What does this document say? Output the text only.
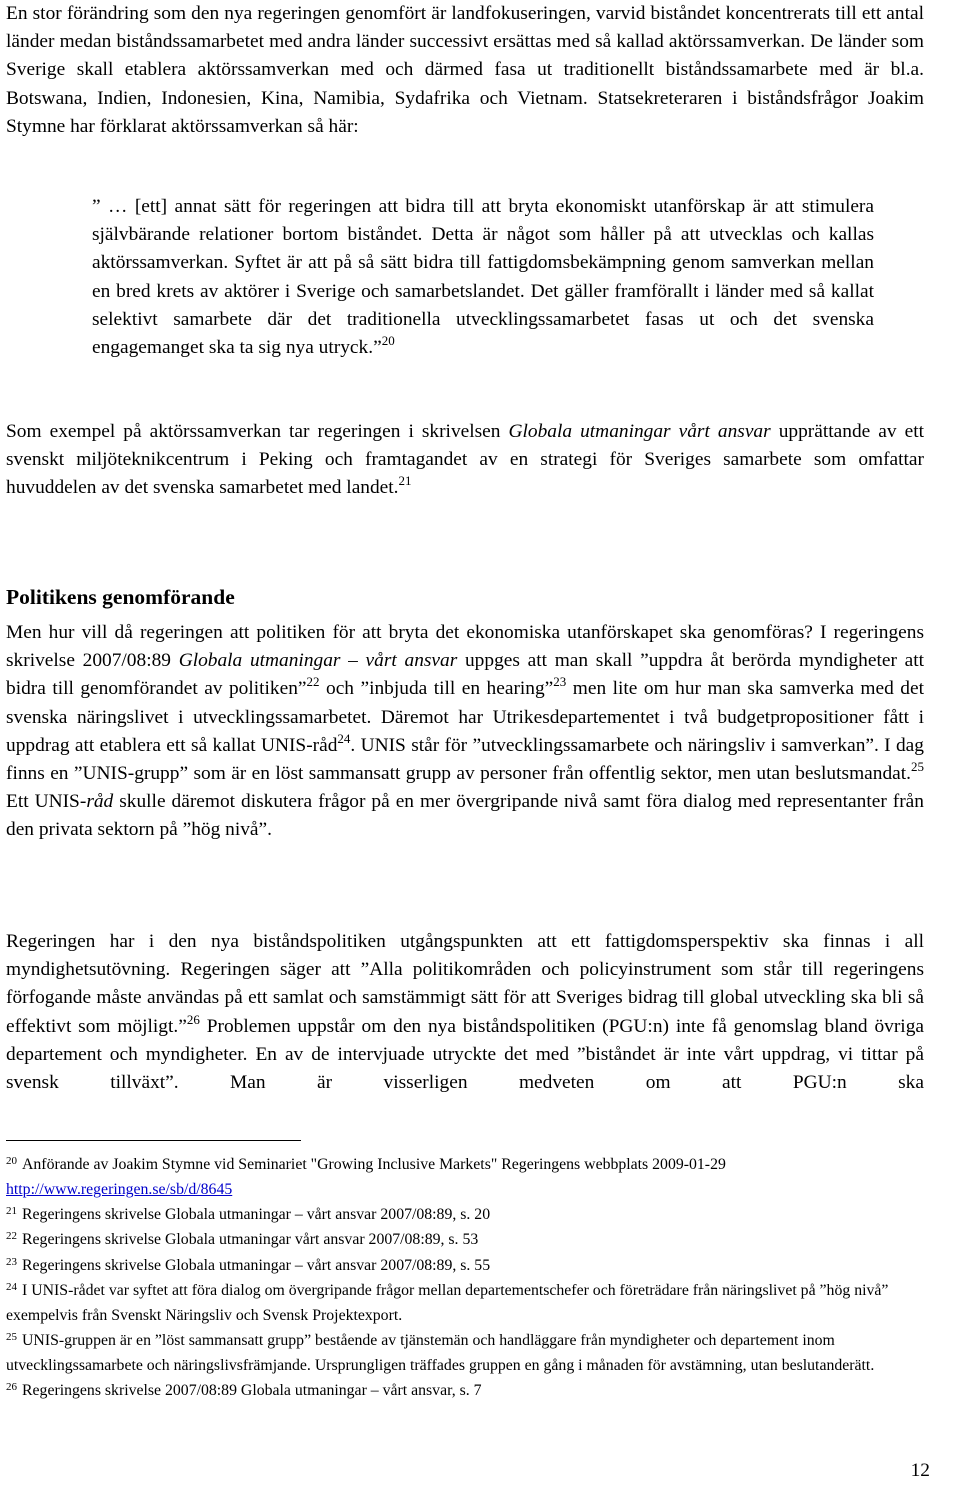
En stor förändring som den nya regeringen genomfört är landfokuseringen, varvid biståndet koncentrerats till ett antal länder medan biståndssamarbetet med andra länder successivt ersättas med så kallad aktörssamverkan. De länder som Sverige skall etablera aktörssamverkan med och därmed fasa ut traditionellt biståndssamarbete med är bl.a. Botswana, Indien, Indonesien, Kina, Namibia, Sydafrika och Vietnam. Statsekreteraren i biståndsfrågor Joakim Stymne har förklarat aktörssamverkan så här:

” … [ett] annat sätt för regeringen att bidra till att bryta ekonomiskt utanförskap är att stimulera självbärande relationer bortom biståndet. Detta är något som håller på att utvecklas och kallas aktörssamverkan. Syftet är att på så sätt bidra till fattigdomsbekämpning genom samverkan mellan en bred krets av aktörer i Sverige och samarbetslandet. Det gäller framförallt i länder med så kallat selektivt samarbete där det traditionella utvecklingssamarbetet fasas ut och det svenska engagemanget ska ta sig nya utryck.”$^{20}$

Som exempel på aktörssamverkan tar regeringen i skrivelsen Globala utmaningar vårt ansvar upprättande av ett svenskt miljöteknikcentrum i Peking och framtagandet av en strategi för Sveriges samarbete som omfattar huvuddelen av det svenska samarbetet med landet.$^{21}$

Politikens genomförande

Men hur vill då regeringen att politiken för att bryta det ekonomiska utanförskapet ska genomföras? I regeringens skrivelse 2007/08:89 Globala utmaningar – vårt ansvar uppges att man skall ”uppdra åt berörda myndigheter att bidra till genomförandet av politiken”$^{22}$ och ”inbjuda till en hearing”$^{23}$ men lite om hur man ska samverka med det svenska näringslivet i utvecklingssamarbetet. Däremot har Utrikesdepartementet i två budgetpropositioner fått i uppdrag att etablera ett så kallat UNIS-råd$^{24}$. UNIS står för ”utvecklingssamarbete och näringsliv i samverkan”. I dag finns en ”UNIS-grupp” som är en löst sammansatt grupp av personer från offentlig sektor, men utan beslutsmandat.$^{25}$ Ett UNIS-råd skulle däremot diskutera frågor på en mer övergripande nivå samt föra dialog med representanter från den privata sektorn på ”hög nivå”.

Regeringen har i den nya biståndspolitiken utgångspunkten att ett fattigdomsperspektiv ska finnas i all myndighetsutövning. Regeringen säger att ”Alla politikområden och policyinstrument som står till regeringens förfogande måste användas på ett samlat och samstämmigt sätt för att Sveriges bidrag till global utveckling ska bli så effektivt som möjligt.”$^{26}$ Problemen uppstår om den nya biståndspolitiken (PGU:n) inte få genomslag bland övriga departement och myndigheter. En av de intervjuade utryckte det med ”biståndet är inte vårt uppdrag, vi tittar på svensk tillväxt”. Man är visserligen medveten om att PGU:n ska

$^{20}$ Anförande av Joakim Stymne vid Seminariet "Growing Inclusive Markets" Regeringens webbplats 2009-01-29 http://www.regeringen.se/sb/d/8645

$^{21}$ Regeringens skrivelse Globala utmaningar – vårt ansvar 2007/08:89, s. 20

$^{22}$ Regeringens skrivelse Globala utmaningar vårt ansvar 2007/08:89, s. 53

$^{23}$ Regeringens skrivelse Globala utmaningar – vårt ansvar 2007/08:89, s. 55

$^{24}$ I UNIS-rådet var syftet att föra dialog om övergripande frågor mellan departementschefer och företrädare från näringslivet på ”hög nivå” exempelvis från Svenskt Näringsliv och Svensk Projektexport.

$^{25}$ UNIS-gruppen är en ”löst sammansatt grupp” bestående av tjänstemän och handläggare från myndigheter och departement inom utvecklingssamarbete och näringslivsfrämjande. Ursprungligen träffades gruppen en gång i månaden för avstämning, utan beslutanderätt.

$^{26}$ Regeringens skrivelse 2007/08:89 Globala utmaningar – vårt ansvar, s. 7

12
